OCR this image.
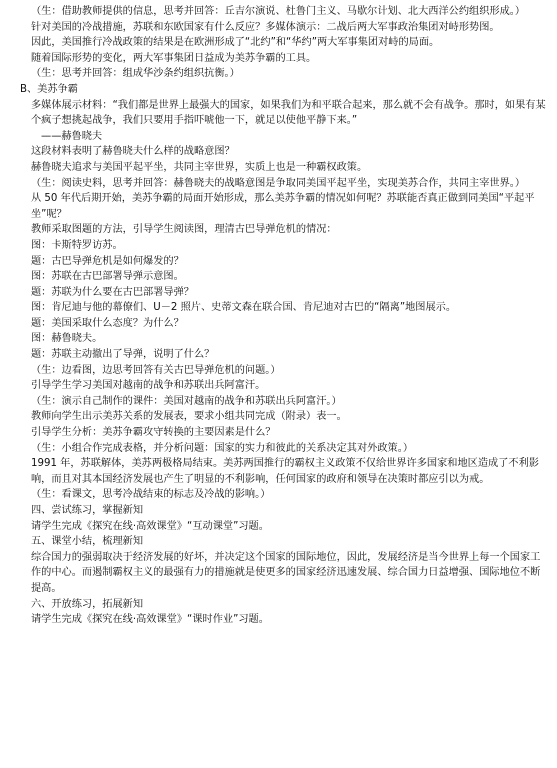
（生：借助教师提供的信息，思考并回答：丘吉尔演说、杜鲁门主义、马歇尔计划、北大西洋公约组织形成。）

针对美国的冷战措施，苏联和东欧国家有什么反应？多媒体演示：二战后两大军事政治集团对峙形势图。

因此，美国推行冷战政策的结果是在欧洲形成了“北约”和“华约”两大军事集团对峙的局面。

随着国际形势的变化，两大军事集团日益成为美苏争霸的工具。

（生：思考并回答：组成华沙条约组织抗衡。）

B、美苏争霸

多媒体展示材料：“我们都是世界上最强大的国家，如果我们为和平联合起来，那么就不会有战争。那时，如果有某个疯子想挑起战争，我们只要用手指吓唬他一下，就足以使他平静下来。”

——赫鲁晓夫

这段材料表明了赫鲁晓夫什么样的战略意图？

赫鲁晓夫追求与美国平起平坐，共同主宰世界，实质上也是一种霸权政策。

（生：阅读史料，思考并回答：赫鲁晓夫的战略意图是争取同美国平起平坐，实现美苏合作，共同主宰世界。）

从 50 年代后期开始，美苏争霸的局面开始形成，那么美苏争霸的情况如何呢？苏联能否真正做到同美国“平起平坐”呢？

教师采取图题的方法，引导学生阅读图，理清古巴导弹危机的情况：

图：卡斯特罗访苏。

题：古巴导弹危机是如何爆发的？

图：苏联在古巴部署导弹示意图。

题：苏联为什么要在古巴部署导弹？

图：肯尼迪与他的幕僚们、U－2 照片、史蒂文森在联合国、肯尼迪对古巴的“隔离”地图展示。

题：美国采取什么态度？为什么？

图：赫鲁晓夫。

题：苏联主动撤出了导弹，说明了什么？

（生：边看图，边思考回答有关古巴导弹危机的问题。）

引导学生学习美国对越南的战争和苏联出兵阿富汗。

（生：演示自己制作的课件：美国对越南的战争和苏联出兵阿富汗。）

教师向学生出示美苏关系的发展表，要求小组共同完成（附录）表一。

引导学生分析：美苏争霸攻守转换的主要因素是什么？

（生：小组合作完成表格，并分析问题：国家的实力和彼此的关系决定其对外政策。）

1991 年，苏联解体，美苏两极格局结束。美苏两国推行的霸权主义政策不仅给世界许多国家和地区造成了不利影响，而且对其本国经济发展也产生了明显的不利影响，任何国家的政府和领导在决策时都应引以为戒。

（生：看课文，思考冷战结束的标志及冷战的影响。）

四、尝试练习，掌握新知

请学生完成《探究在线·高效课堂》“互动课堂”习题。

五、课堂小结，梳理新知

综合国力的强弱取决于经济发展的好坏，并决定这个国家的国际地位，因此，发展经济是当今世界上每一个国家工作的中心。而遏制霸权主义的最强有力的措施就是使更多的国家经济迅速发展、综合国力日益增强、国际地位不断提高。

六、开放练习，拓展新知

请学生完成《探究在线·高效课堂》“课时作业”习题。
